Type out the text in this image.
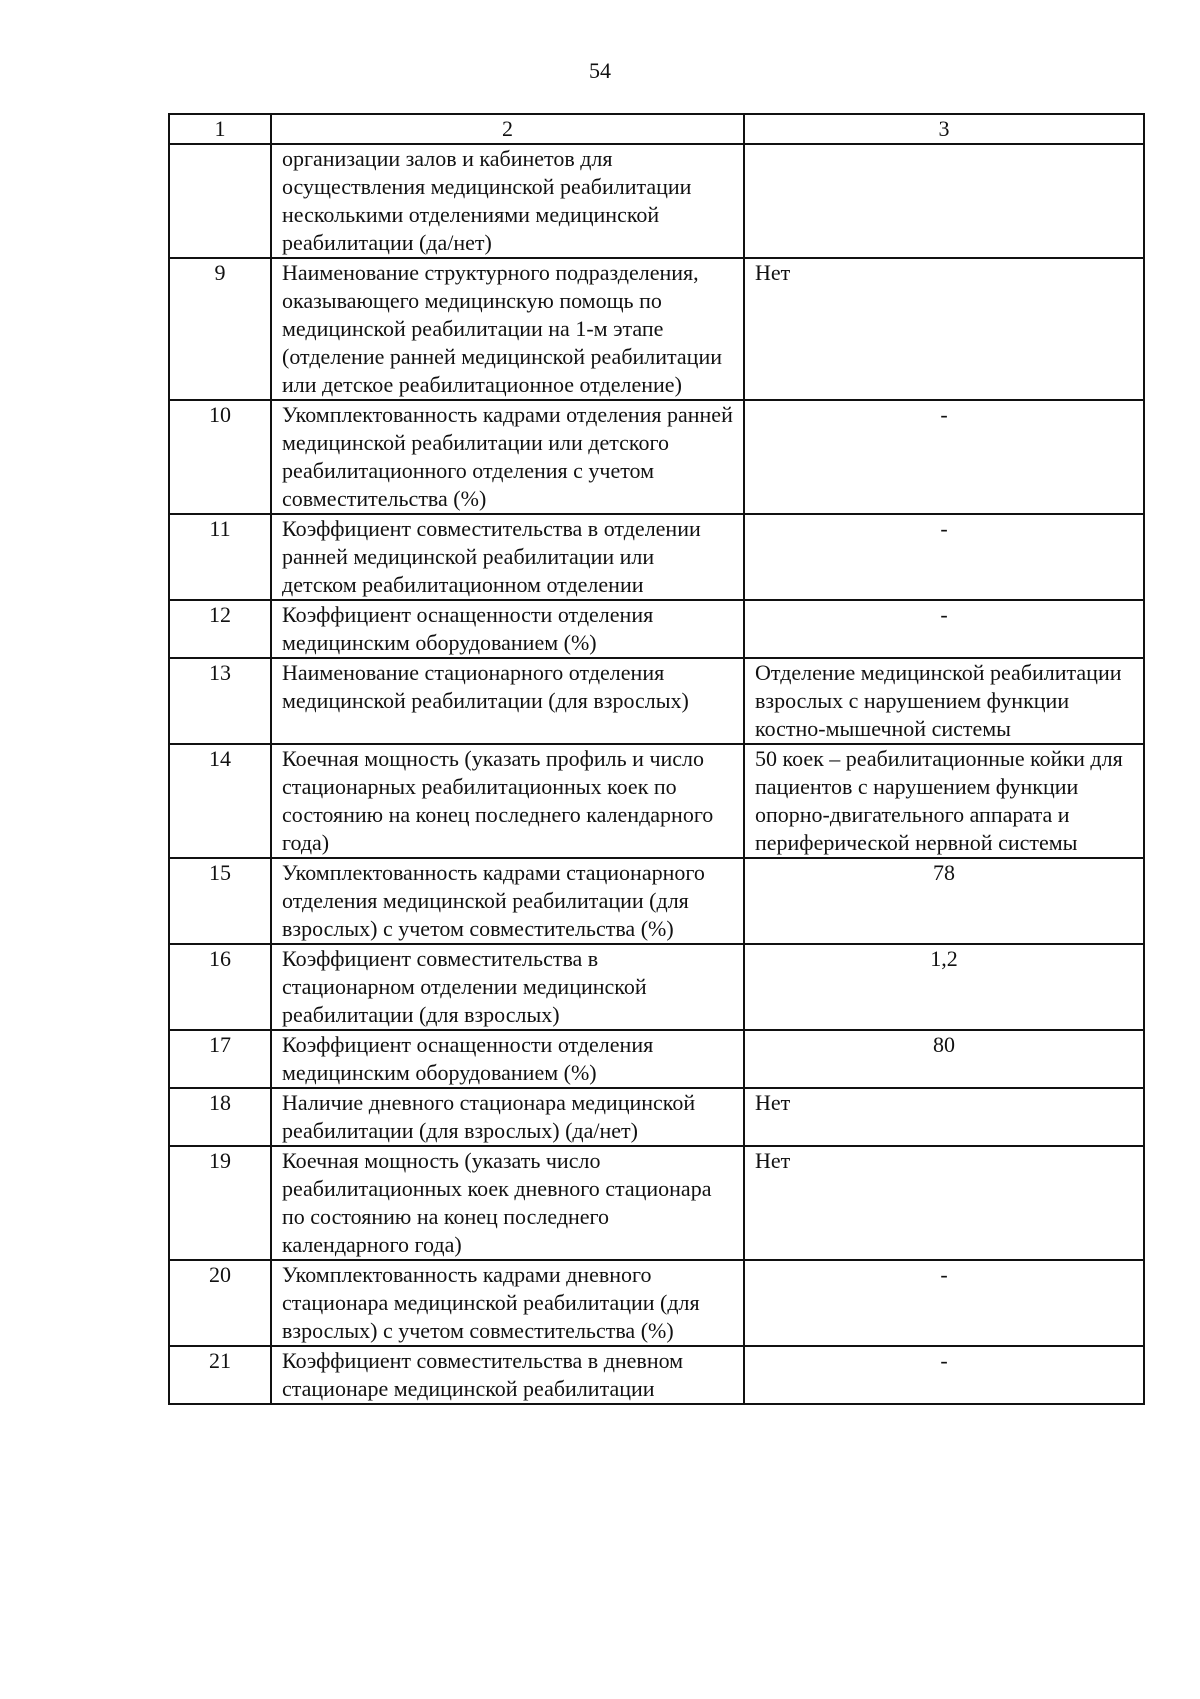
54
1	2	3
	организации залов и кабинетов для осуществления медицинской реабилитации несколькими отделениями медицинской реабилитации (да/нет)	
9	Наименование структурного подразделения, оказывающего медицинскую помощь по медицинской реабилитации на 1-м этапе (отделение ранней медицинской реабилитации или детское реабилитационное отделение)	Нет
10	Укомплектованность кадрами отделения ранней медицинской реабилитации или детского реабилитационного отделения с учетом совместительства (%)	-
11	Коэффициент совместительства в отделении ранней медицинской реабилитации или детском реабилитационном отделении	-
12	Коэффициент оснащенности отделения медицинским оборудованием (%)	-
13	Наименование стационарного отделения медицинской реабилитации (для взрослых)	Отделение медицинской реабилитации взрослых с нарушением функции костно-мышечной системы
14	Коечная мощность (указать профиль и число стационарных реабилитационных коек по состоянию на конец последнего календарного года)	50 коек – реабилитационные койки для пациентов с нарушением функции опорно-двигательного аппарата и периферической нервной системы
15	Укомплектованность кадрами стационарного отделения медицинской реабилитации (для взрослых) с учетом совместительства (%)	78
16	Коэффициент совместительства в стационарном отделении медицинской реабилитации (для взрослых)	1,2
17	Коэффициент оснащенности отделения медицинским оборудованием (%)	80
18	Наличие дневного стационара медицинской реабилитации (для взрослых) (да/нет)	Нет
19	Коечная мощность (указать число реабилитационных коек дневного стационара по состоянию на конец последнего календарного года)	Нет
20	Укомплектованность кадрами дневного стационара медицинской реабилитации (для взрослых) с учетом совместительства (%)	-
21	Коэффициент совместительства в дневном стационаре медицинской реабилитации	-
